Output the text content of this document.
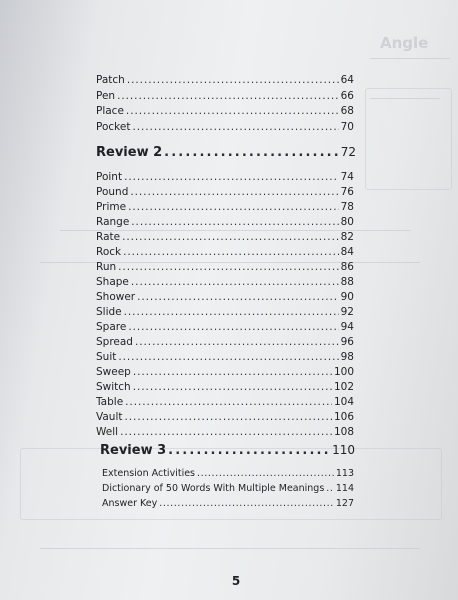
Angle
Patch . . .	64
Pen . . .	66
Place . . .	68
Pocket . . .	70
Review 2 . . .	72
Point . . .	74
Pound . . .	76
Prime . . .	78
Range . . .	80
Rate . . .	82
Rock . . .	84
Run . . .	86
Shape . . .	88
Shower . . .	90
Slide . . .	92
Spare . . .	94
Spread . . .	96
Suit . . .	98
Sweep . . .	100
Switch . . .	102
Table . . .	104
Vault . . .	106
Well . . .	108
Review 3 . . .	110
Extension Activities . . .	113
Dictionary of 50 Words With Multiple Meanings . . . 114
Answer Key . . .	127
5
